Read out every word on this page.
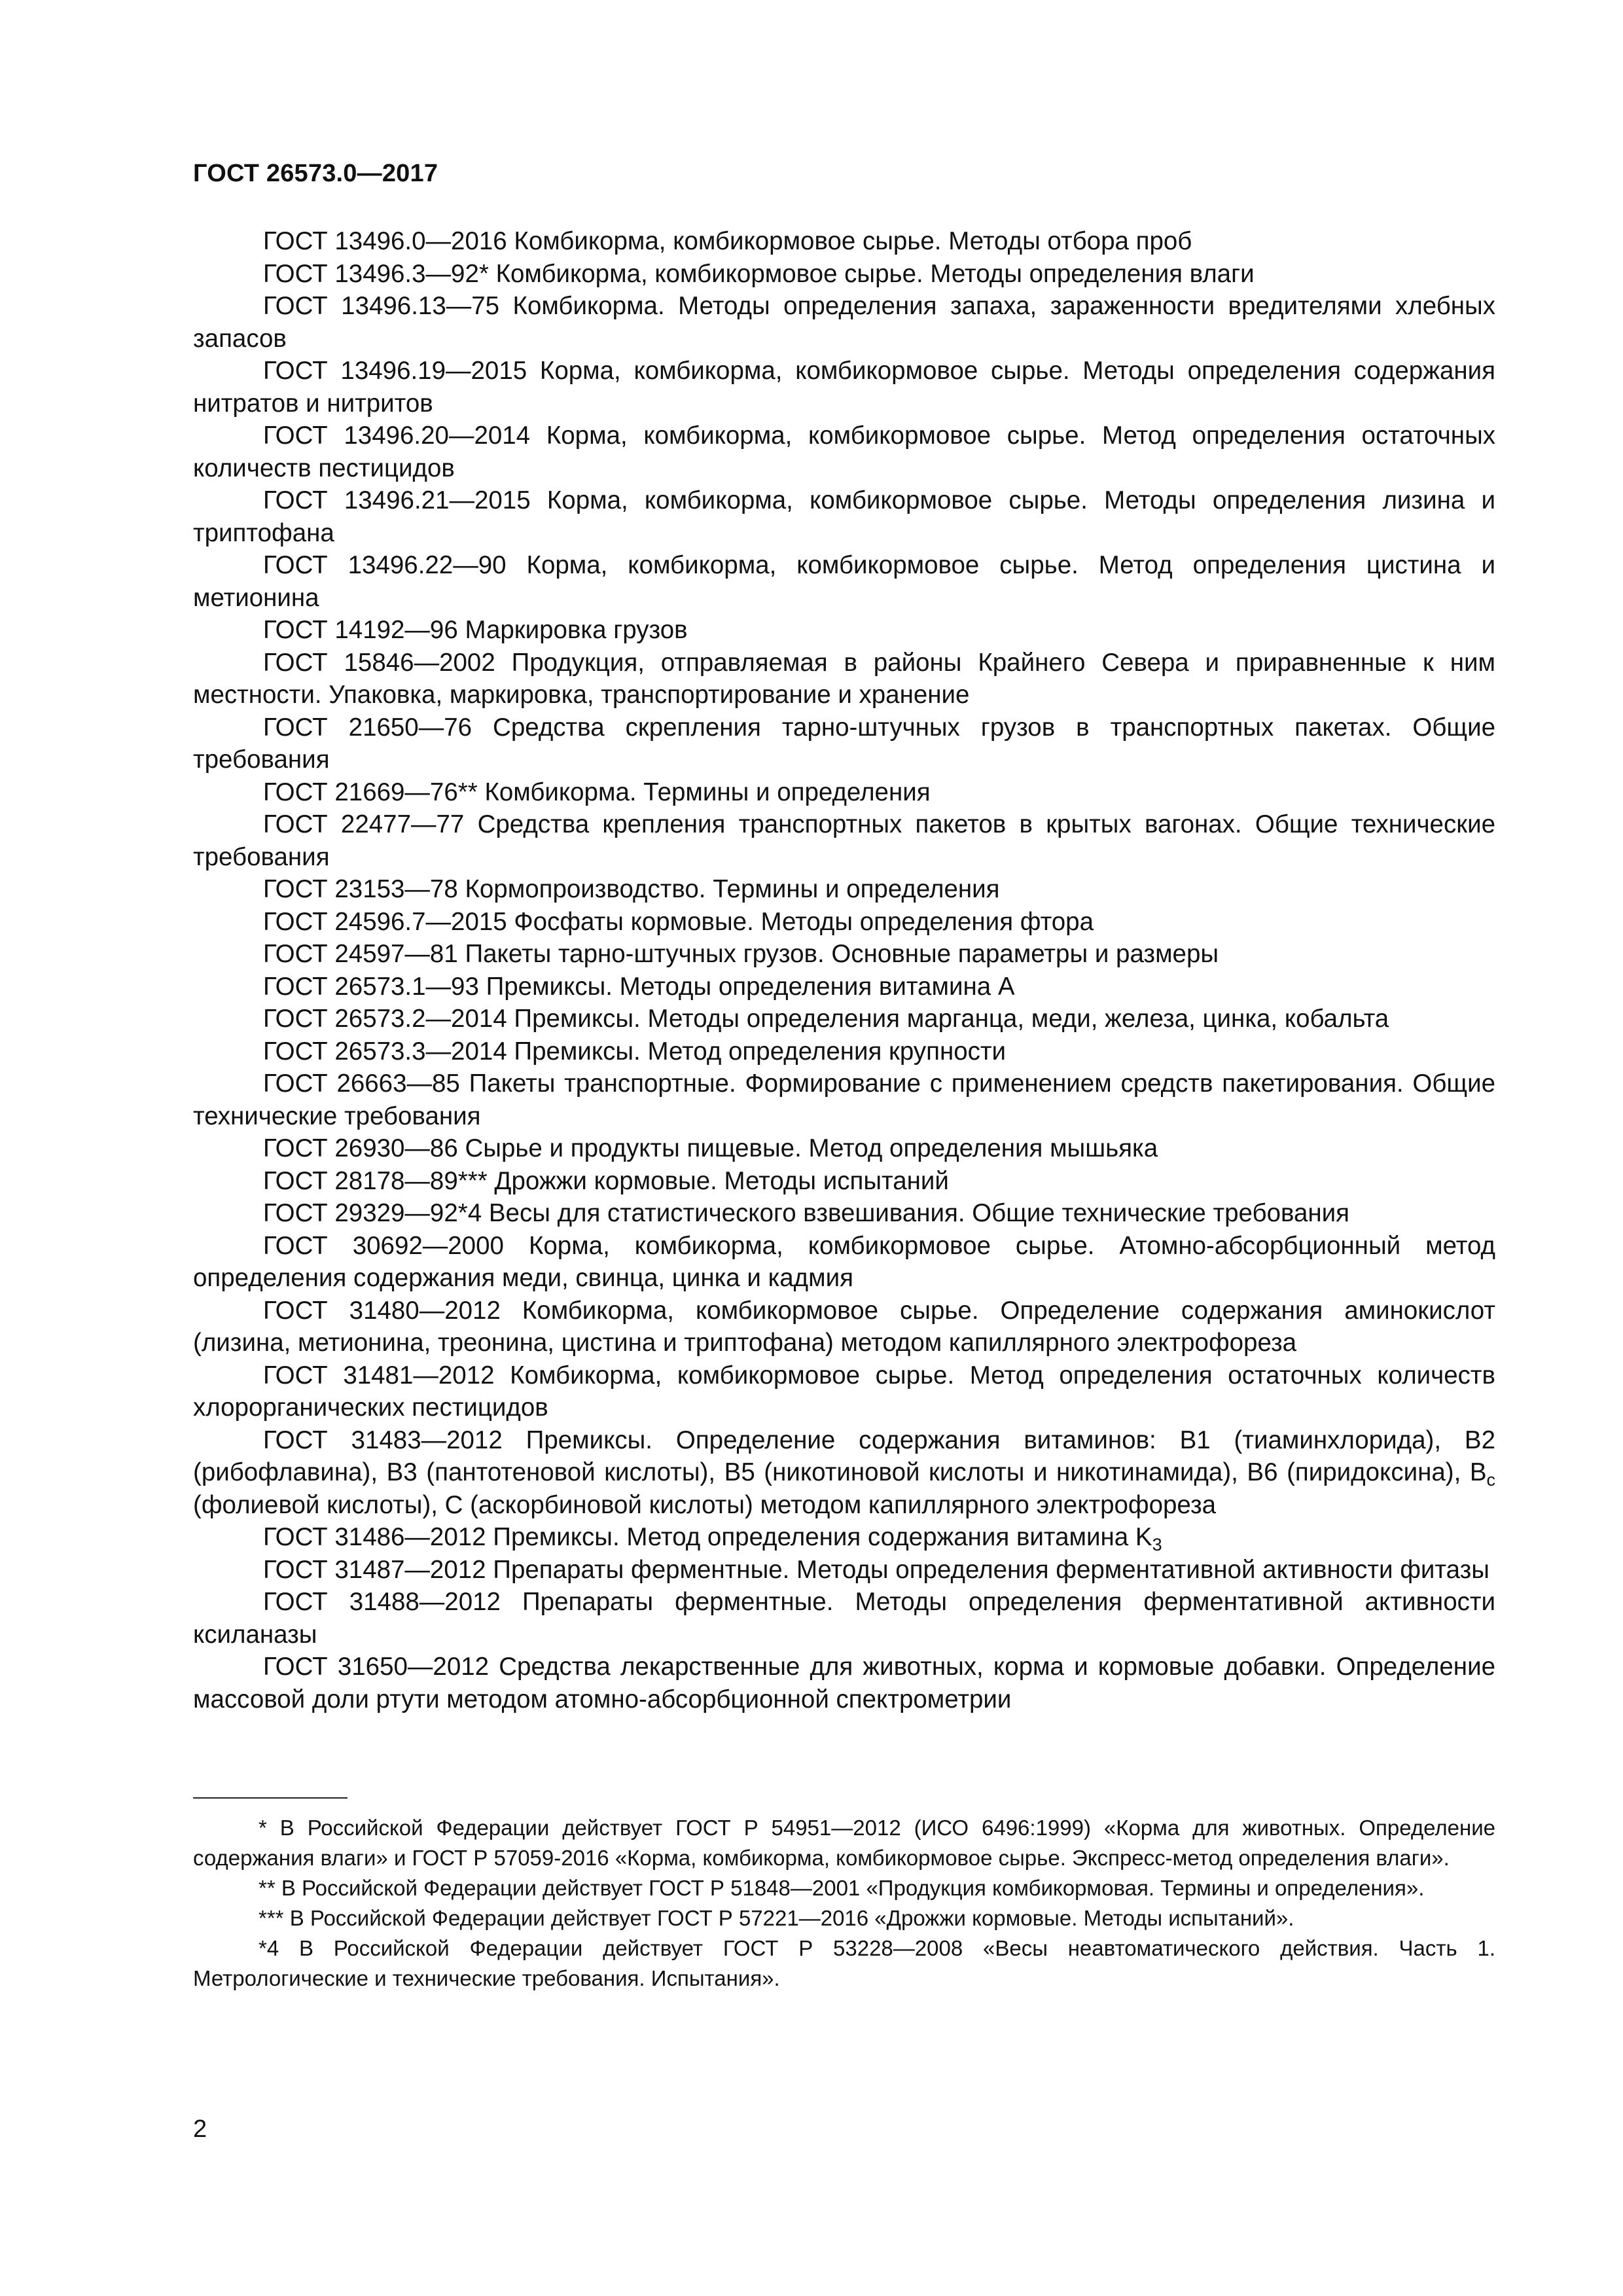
ГОСТ 26573.0—2017

ГОСТ 13496.0—2016 Комбикорма, комбикормовое сырье. Методы отбора проб

ГОСТ 13496.3—92* Комбикорма, комбикормовое сырье. Методы определения влаги

ГОСТ 13496.13—75 Комбикорма. Методы определения запаха, зараженности вредителями хлебных запасов

ГОСТ 13496.19—2015 Корма, комбикорма, комбикормовое сырье. Методы определения содержания нитратов и нитритов

ГОСТ 13496.20—2014 Корма, комбикорма, комбикормовое сырье. Метод определения остаточных количеств пестицидов

ГОСТ 13496.21—2015 Корма, комбикорма, комбикормовое сырье. Методы определения лизина и триптофана

ГОСТ 13496.22—90 Корма, комбикорма, комбикормовое сырье. Метод определения цистина и метионина

ГОСТ 14192—96 Маркировка грузов

ГОСТ 15846—2002 Продукция, отправляемая в районы Крайнего Севера и приравненные к ним местности. Упаковка, маркировка, транспортирование и хранение

ГОСТ 21650—76 Средства скрепления тарно-штучных грузов в транспортных пакетах. Общие требования

ГОСТ 21669—76** Комбикорма. Термины и определения

ГОСТ 22477—77 Средства крепления транспортных пакетов в крытых вагонах. Общие технические требования

ГОСТ 23153—78 Кормопроизводство. Термины и определения

ГОСТ 24596.7—2015 Фосфаты кормовые. Методы определения фтора

ГОСТ 24597—81 Пакеты тарно-штучных грузов. Основные параметры и размеры

ГОСТ 26573.1—93 Премиксы. Методы определения витамина А

ГОСТ 26573.2—2014 Премиксы. Методы определения марганца, меди, железа, цинка, кобальта

ГОСТ 26573.3—2014 Премиксы. Метод определения крупности

ГОСТ 26663—85 Пакеты транспортные. Формирование с применением средств пакетирования. Общие технические требования

ГОСТ 26930—86 Сырье и продукты пищевые. Метод определения мышьяка

ГОСТ 28178—89*** Дрожжи кормовые. Методы испытаний

ГОСТ 29329—92*4 Весы для статистического взвешивания. Общие технические требования

ГОСТ 30692—2000 Корма, комбикорма, комбикормовое сырье. Атомно-абсорбционный метод определения содержания меди, свинца, цинка и кадмия

ГОСТ 31480—2012 Комбикорма, комбикормовое сырье. Определение содержания аминокислот (лизина, метионина, треонина, цистина и триптофана) методом капиллярного электрофореза

ГОСТ 31481—2012 Комбикорма, комбикормовое сырье. Метод определения остаточных количеств хлорорганических пестицидов

ГОСТ 31483—2012 Премиксы. Определение содержания витаминов: B1 (тиаминхлорида), B2 (рибофлавина), B3 (пантотеновой кислоты), B5 (никотиновой кислоты и никотинамида), B6 (пиридоксина), $B_c$ (фолиевой кислоты), С (аскорбиновой кислоты) методом капиллярного электрофореза

ГОСТ 31486—2012 Премиксы. Метод определения содержания витамина $K_3$

ГОСТ 31487—2012 Препараты ферментные. Методы определения ферментативной активности фитазы

ГОСТ 31488—2012 Препараты ферментные. Методы определения ферментативной активности ксиланазы

ГОСТ 31650—2012 Средства лекарственные для животных, корма и кормовые добавки. Определение массовой доли ртути методом атомно-абсорбционной спектрометрии

* В Российской Федерации действует ГОСТ Р 54951—2012 (ИСО 6496:1999) «Корма для животных. Определение содержания влаги» и ГОСТ Р 57059-2016 «Корма, комбикорма, комбикормовое сырье. Экспресс-метод определения влаги».

** В Российской Федерации действует ГОСТ Р 51848—2001 «Продукция комбикормовая. Термины и определения».

*** В Российской Федерации действует ГОСТ Р 57221—2016 «Дрожжи кормовые. Методы испытаний».

*4 В Российской Федерации действует ГОСТ Р 53228—2008 «Весы неавтоматического действия. Часть 1. Метрологические и технические требования. Испытания».

2
